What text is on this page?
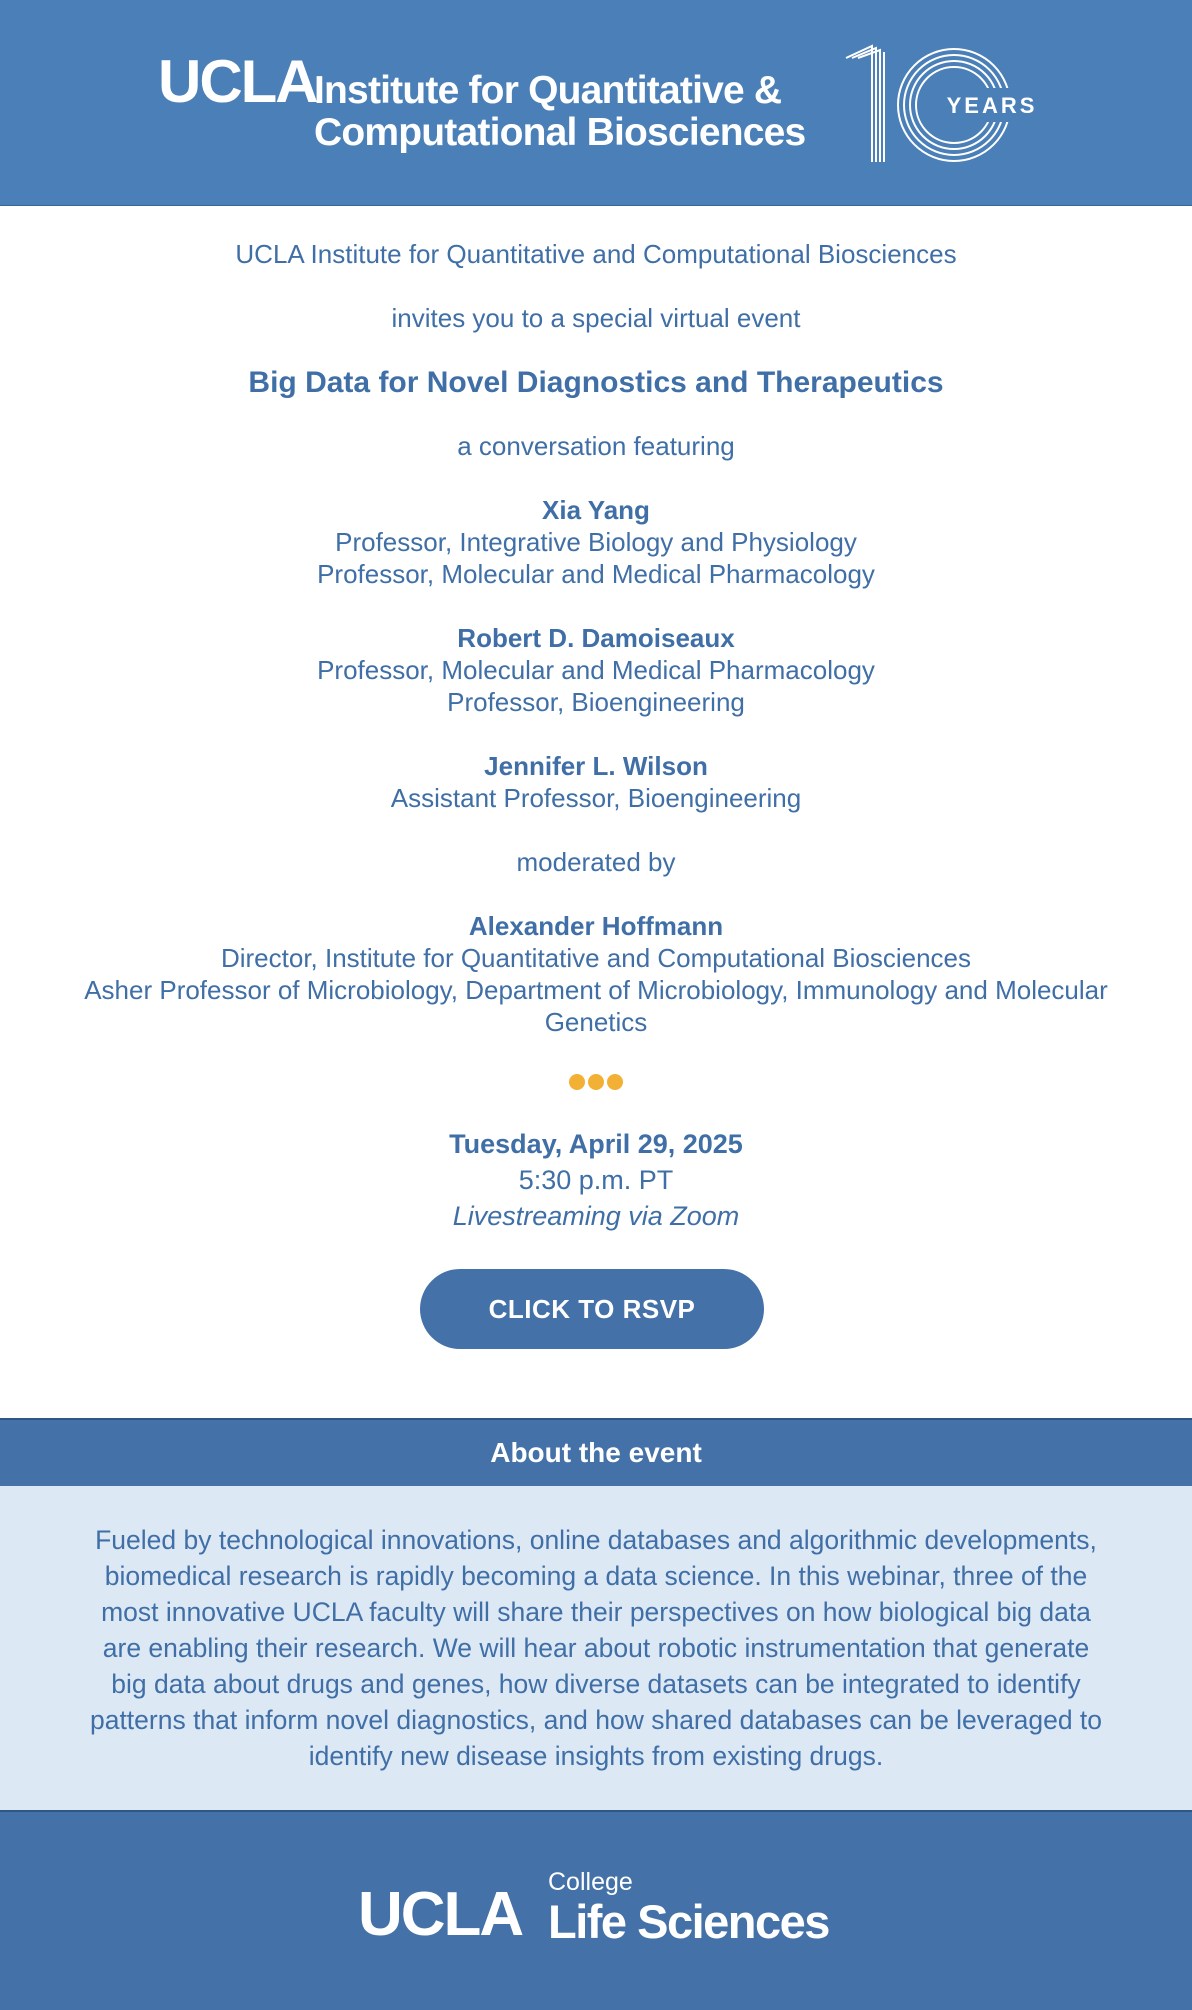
UCLA
Institute for Quantitative &
Computational Biosciences
YEARS
UCLA Institute for Quantitative and Computational Biosciences
invites you to a special virtual event
Big Data for Novel Diagnostics and Therapeutics
a conversation featuring
Xia Yang
Professor, Integrative Biology and Physiology
Professor, Molecular and Medical Pharmacology
Robert D. Damoiseaux
Professor, Molecular and Medical Pharmacology
Professor, Bioengineering
Jennifer L. Wilson
Assistant Professor, Bioengineering
moderated by
Alexander Hoffmann
Director, Institute for Quantitative and Computational Biosciences
Asher Professor of Microbiology, Department of Microbiology, Immunology and Molecular
Genetics
Tuesday, April 29, 2025
5:30 p.m. PT
Livestreaming via Zoom
CLICK TO RSVP
About the event
Fueled by technological innovations, online databases and algorithmic developments,
biomedical research is rapidly becoming a data science. In this webinar, three of the
most innovative UCLA faculty will share their perspectives on how biological big data
are enabling their research. We will hear about robotic instrumentation that generate
big data about drugs and genes, how diverse datasets can be integrated to identify
patterns that inform novel diagnostics, and how shared databases can be leveraged to
identify new disease insights from existing drugs.
UCLA College
Life Sciences
